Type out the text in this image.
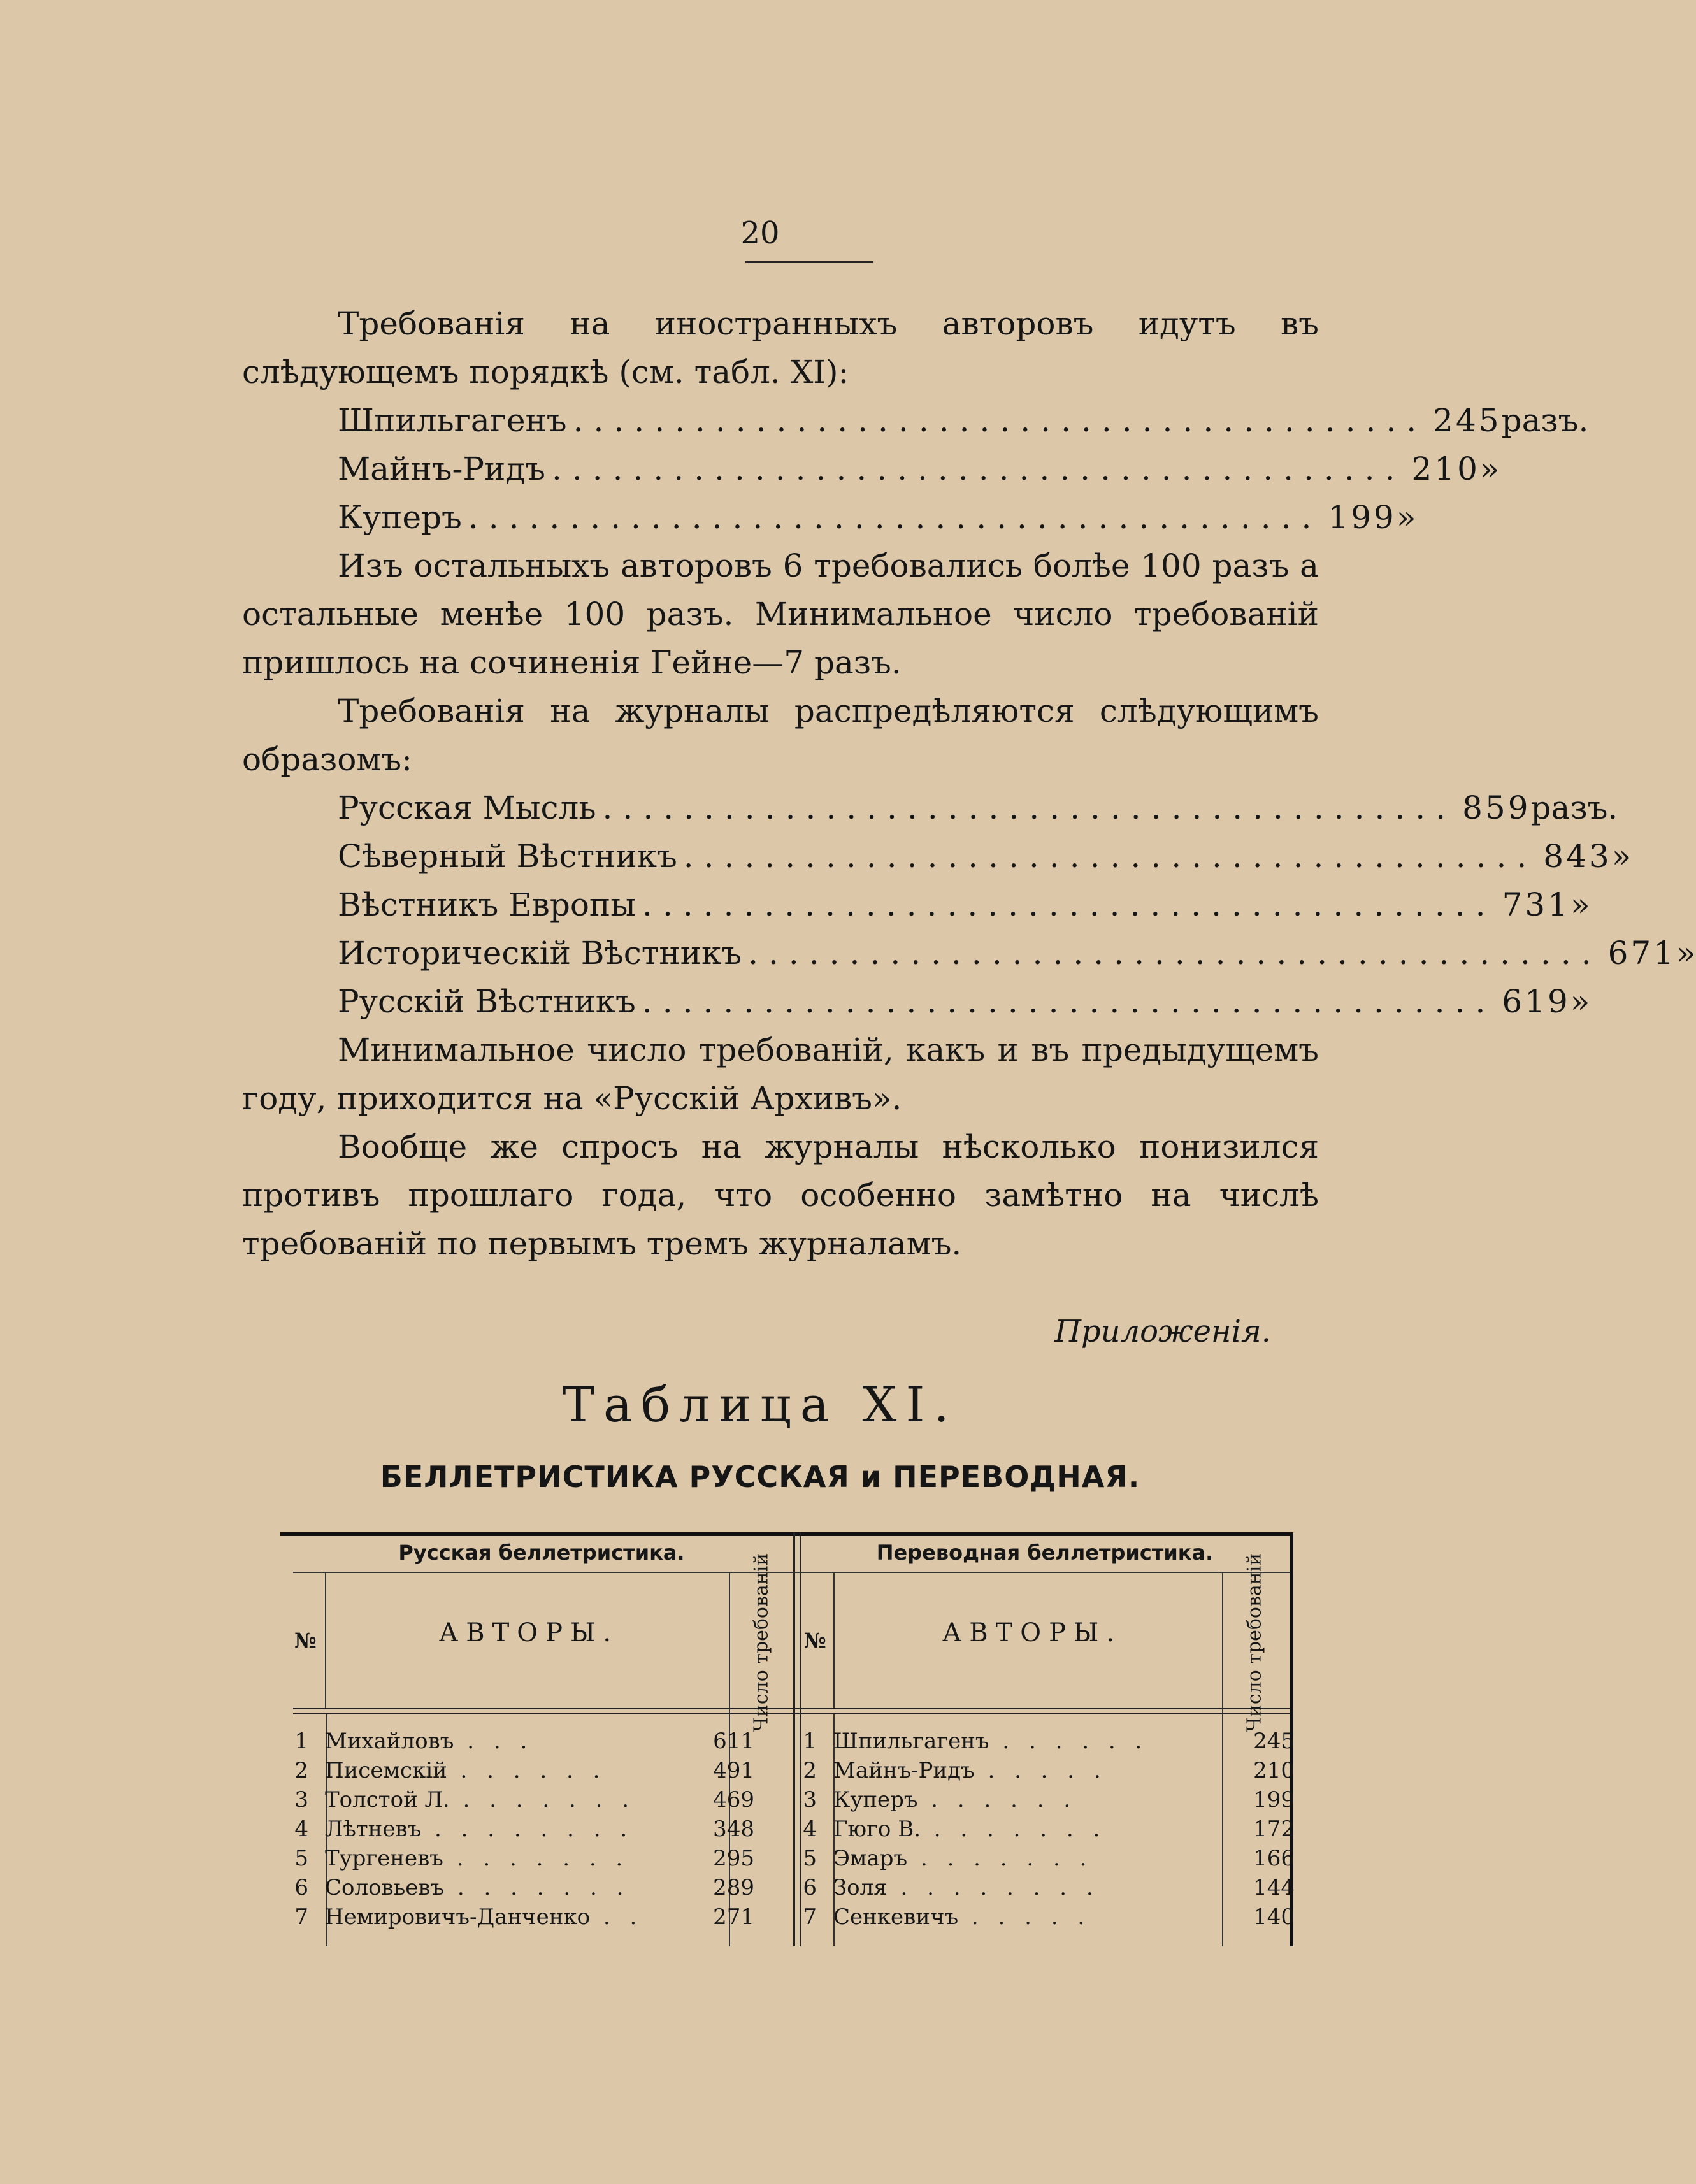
20

Требованія на иностранныхъ авторовъ идутъ въ слѣдующемъ порядкѣ (см. табл. XI):

Шпильгагенъ .......................................... 245 разъ.
Майнъ-Ридъ .......................................... 210 »
Куперъ .......................................... 199 »

Изъ остальныхъ авторовъ 6 требовались болѣе 100 разъ а остальные менѣе 100 разъ. Минимальное число требованій пришлось на сочиненія Гейне—7 разъ.

Требованія на журналы распредѣляются слѣдующимъ образомъ:

Русская Мысль .......................................... 859 разъ.
Сѣверный Вѣстникъ .......................................... 843 »
Вѣстникъ Европы .......................................... 731 »
Историческій Вѣстникъ .......................................... 671 »
Русскій Вѣстникъ .......................................... 619 »

Минимальное число требованій, какъ и въ предыдущемъ году, приходится на «Русскій Архивъ».

Вообще же спросъ на журналы нѣсколько понизился противъ прошлаго года, что особенно замѣтно на числѣ требованій по первымъ тремъ журналамъ.

Приложенія.
Таблица XI.
БЕЛЛЕТРИСТИКА РУССКАЯ и ПЕРЕВОДНАЯ.
Русская беллетристика.
№	АВТОРЫ.	Число требованій
Переводная беллетристика.
№	АВТОРЫ.	Число требованій
1 Михайловъ . . .	611
2 Писемскій . . . . . .	491
3 Толстой Л. . . . . . . .	469
4 Лѣтневъ . . . . . . . .	348
5 Тургеневъ . . . . . . .	295
6 Соловьевъ . . . . . . .	289
7 Немировичъ-Данченко . .	271
1 Шпильгагенъ . . . . . .	245
2 Майнъ-Ридъ . . . . .	210
3 Куперъ . . . . . .	199
4 Гюго В. . . . . . . .	172
5 Эмаръ . . . . . . .	166
6 Золя . . . . . . . .	144
7 Сенкевичъ . . . . .	140
